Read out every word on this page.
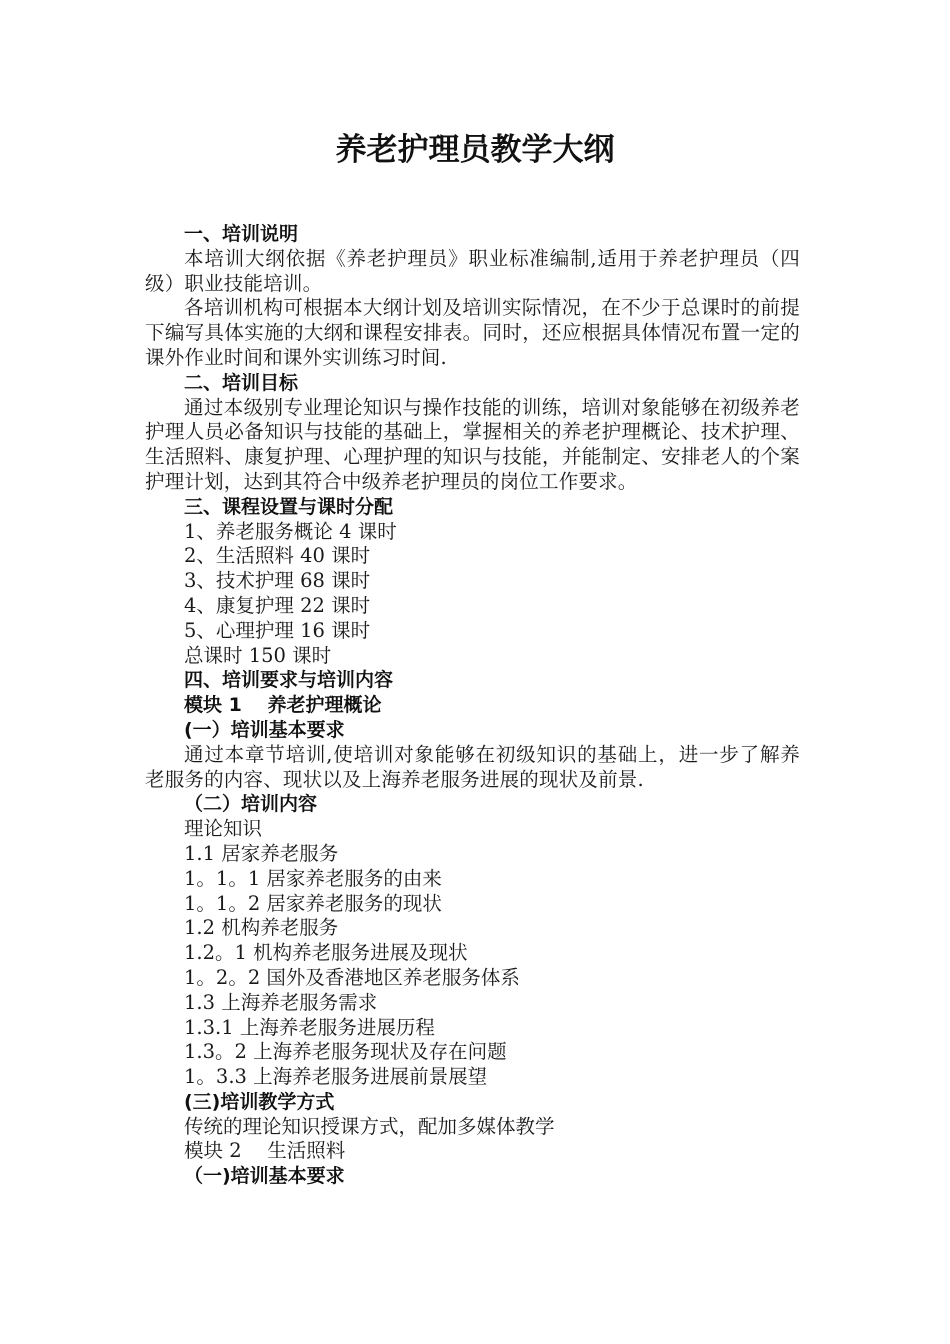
养老护理员教学大纲

一、培训说明

本培训大纲依据《养老护理员》职业标准编制,适用于养老护理员（四级）职业技能培训。

各培训机构可根据本大纲计划及培训实际情况，在不少于总课时的前提下编写具体实施的大纲和课程安排表。同时，还应根据具体情况布置一定的课外作业时间和课外实训练习时间.

二、培训目标

通过本级别专业理论知识与操作技能的训练，培训对象能够在初级养老护理人员必备知识与技能的基础上，掌握相关的养老护理概论、技术护理、生活照料、康复护理、心理护理的知识与技能，并能制定、安排老人的个案护理计划，达到其符合中级养老护理员的岗位工作要求。

三、课程设置与课时分配

1、养老服务概论 4 课时

2、生活照料 40 课时

3、技术护理 68 课时

4、康复护理 22 课时

5、心理护理 16 课时

总课时 150 课时

四、培训要求与培训内容

模块 1　 养老护理概论

(一）培训基本要求

通过本章节培训,使培训对象能够在初级知识的基础上，进一步了解养老服务的内容、现状以及上海养老服务进展的现状及前景.

（二）培训内容

理论知识

1.1 居家养老服务

1。1。1 居家养老服务的由来

1。1。2 居家养老服务的现状

1.2 机构养老服务

1.2。1 机构养老服务进展及现状

1。2。2 国外及香港地区养老服务体系

1.3 上海养老服务需求

1.3.1 上海养老服务进展历程

1.3。2 上海养老服务现状及存在问题

1。3.3 上海养老服务进展前景展望

(三)培训教学方式

传统的理论知识授课方式，配加多媒体教学

模块 2　 生活照料

（一)培训基本要求
